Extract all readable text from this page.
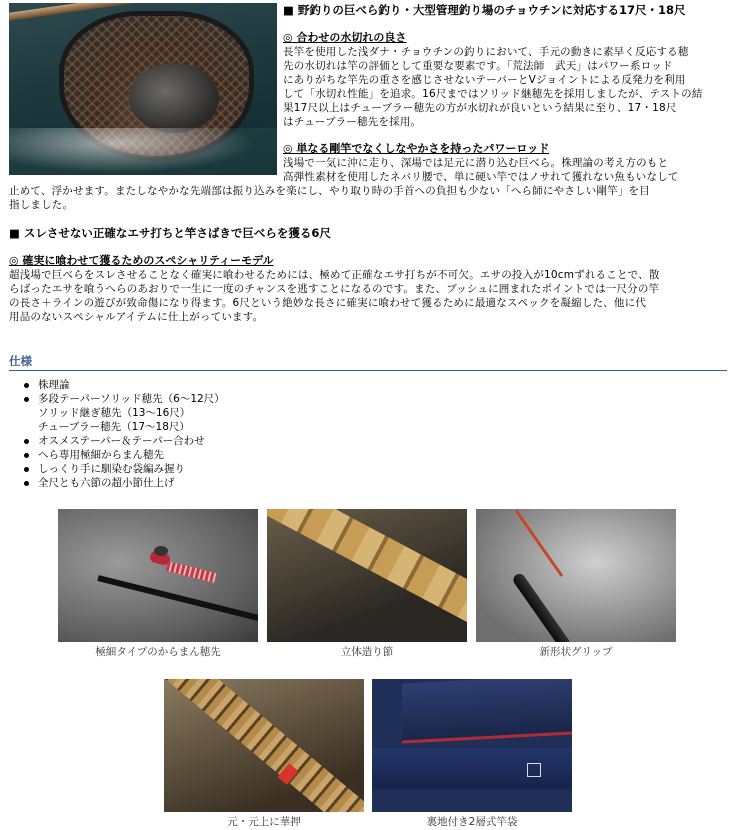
■ 野釣りの巨べら釣り・大型管理釣り場のチョウチンに対応する17尺・18尺
◎ 合わせの水切れの良さ

長竿を使用した浅ダナ・チョウチンの釣りにおいて、手元の動きに素早く反応する穂

先の水切れは竿の評価として重要な要素です。「荒法師　武天」はパワー系ロッド

にありがちな竿先の重さを感じさせないテーパーとVジョイントによる反発力を利用

して「水切れ性能」を追求。16尺まではソリッド継穂先を採用しましたが、テストの結

果17尺以上はチューブラー穂先の方が水切れが良いという結果に至り、17・18尺

はチューブラー穂先を採用。

◎ 単なる剛竿でなくしなやかさを持ったパワーロッド

浅場で一気に沖に走り、深場では足元に潜り込む巨べら。株理論の考え方のもと

高弾性素材を使用したネバリ腰で、単に硬い竿ではノサれて獲れない魚もいなして

止めて、浮かせます。またしなやかな先端部は振り込みを楽にし、やり取り時の手首への負担も少ない「へら師にやさしい剛竿」を目

指しました。

■ スレさせない正確なエサ打ちと竿さばきで巨べらを獲る6尺
◎ 確実に喰わせて獲るためのスペシャリティーモデル

超浅場で巨べらをスレさせることなく確実に喰わせるためには、極めて正確なエサ打ちが不可欠。エサの投入が10cmずれることで、散

らばったエサを喰うへらのあおりで一生に一度のチャンスを逃すことになるのです。また、ブッシュに囲まれたポイントでは一尺分の竿

の長さ＋ラインの遊びが致命傷になり得ます。6尺という絶妙な長さに確実に喰わせて獲るために最適なスペックを凝縮した、他に代

用品のないスペシャルアイテムに仕上がっています。

仕様
株理論
多段テーパーソリッド穂先（6〜12尺）
ソリッド継ぎ穂先（13〜16尺）
チューブラー穂先（17〜18尺）
オスメステーパー＆テーパー合わせ
へら専用極細からまん穂先
しっくり手に馴染む袋編み握り
全尺とも六節の超小節仕上げ
極細タイプのからまん穂先	立体造り節	新形状グリップ
元・元上に華押	裏地付き2層式竿袋
